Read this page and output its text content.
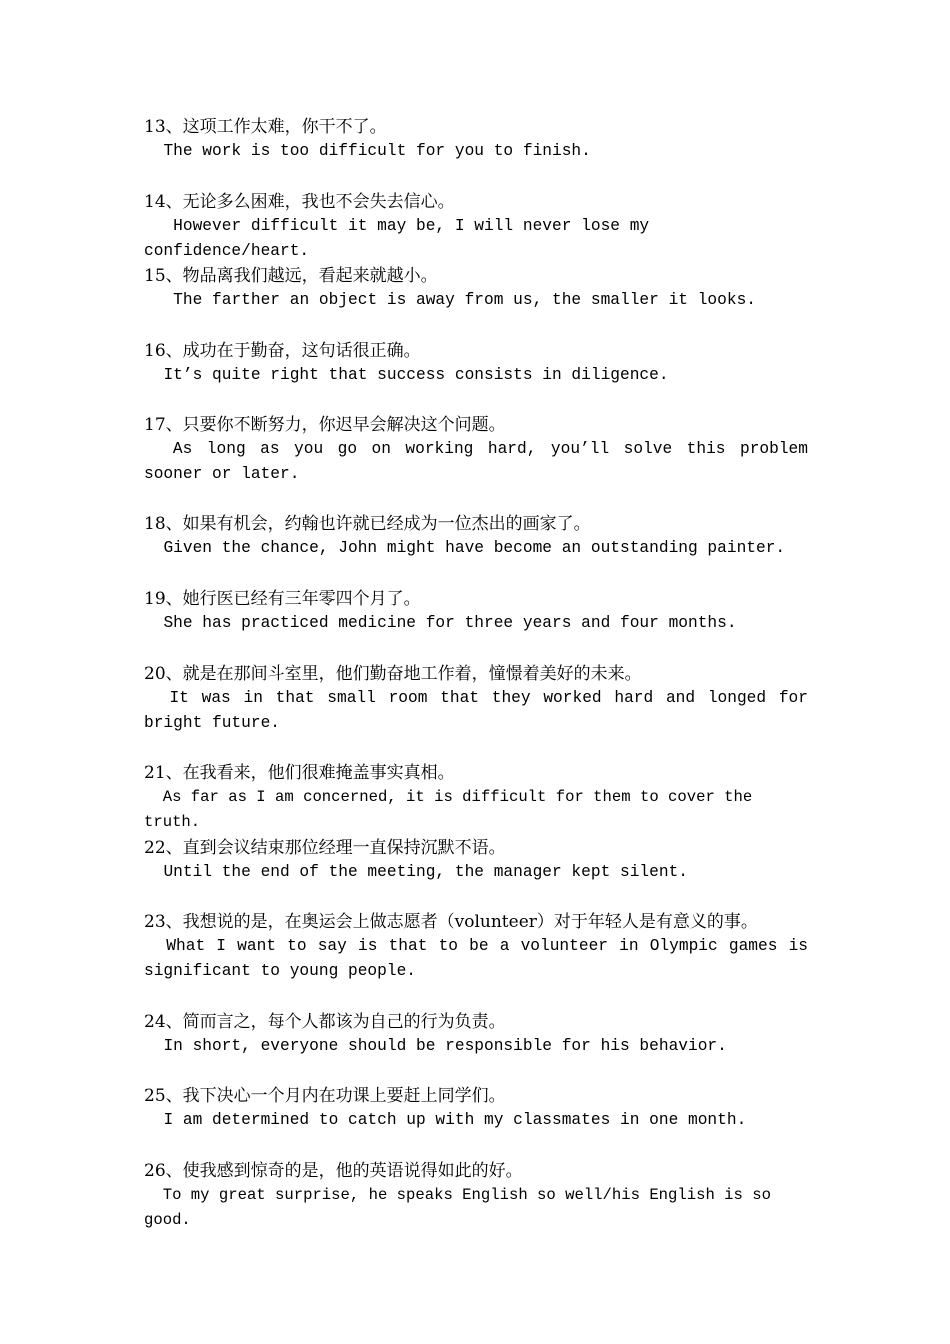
13、这项工作太难，你干不了。
The work is too difficult for you to finish.
14、无论多么困难，我也不会失去信心。
However difficult it may be, I will never lose my confidence/heart.
15、物品离我们越远，看起来就越小。
The farther an object is away from us, the smaller it looks.
16、成功在于勤奋，这句话很正确。
It’s quite right that success consists in diligence.
17、只要你不断努力，你迟早会解决这个问题。
As long as you go on working hard, you’ll solve this problem sooner or later.
18、如果有机会，约翰也许就已经成为一位杰出的画家了。
Given the chance, John might have become an outstanding painter.
19、她行医已经有三年零四个月了。
She has practiced medicine for three years and four months.
20、就是在那间斗室里，他们勤奋地工作着，憧憬着美好的未来。
It was in that small room that they worked hard and longed for bright future.
21、在我看来，他们很难掩盖事实真相。
As far as I am concerned, it is difficult for them to cover the truth.
22、直到会议结束那位经理一直保持沉默不语。
Until the end of the meeting, the manager kept silent.
23、我想说的是，在奥运会上做志愿者（volunteer）对于年轻人是有意义的事。
What I want to say is that to be a volunteer in Olympic games is significant to young people.
24、简而言之，每个人都该为自己的行为负责。
In short, everyone should be responsible for his behavior.
25、我下决心一个月内在功课上要赶上同学们。
I am determined to catch up with my classmates in one month.
26、使我感到惊奇的是，他的英语说得如此的好。
To my great surprise, he speaks English so well/his English is so good.
